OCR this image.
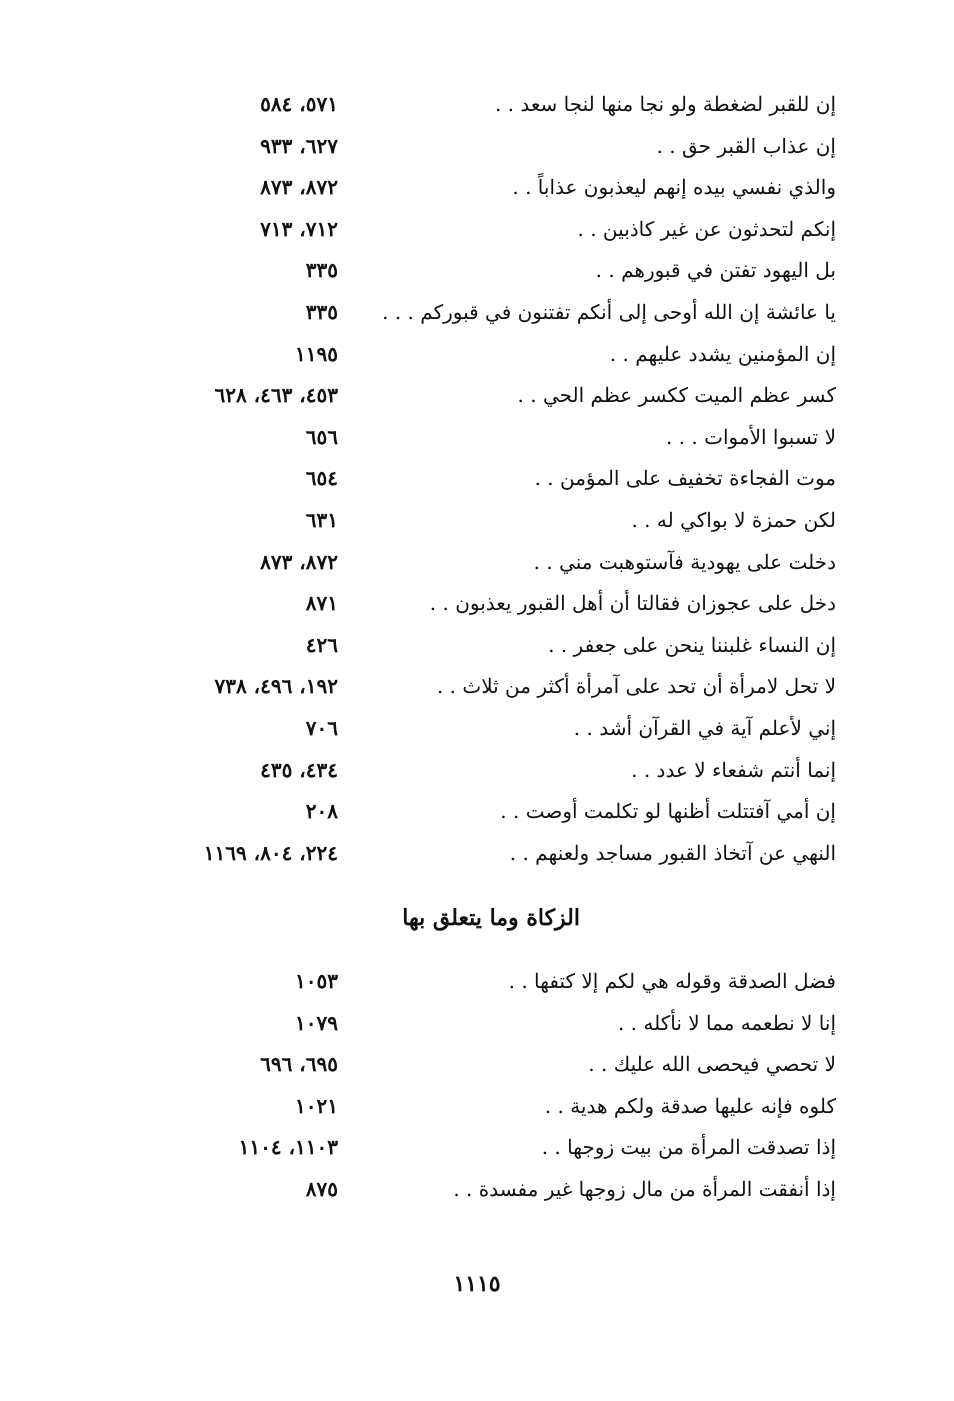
إن للقبر لضغطة ولو نجا منها لنجا سعد . .
٥٧١، ٥٨٤
إن عذاب القبر حق . .
٦٢٧، ٩٣٣
والذي نفسي بيده إنهم ليعذبون عذاباً . .
٨٧٢، ٨٧٣
إنكم لتحدثون عن غير كاذبين . .
٧١٢، ٧١٣
بل اليهود تفتن في قبورهم . .
٣٣٥
يا عائشة إن الله أوحى إلى أنكم تفتنون في قبوركم . . .
٣٣٥
إن المؤمنين يشدد عليهم . .
١١٩٥
كسر عظم الميت ككسر عظم الحي . .
٤٥٣، ٤٦٣، ٦٢٨
لا تسبوا الأموات . . .
٦٥٦
موت الفجاءة تخفيف على المؤمن . .
٦٥٤
لكن حمزة لا بواكي له . .
٦٣١
دخلت على يهودية فآستوهبت مني . .
٨٧٢، ٨٧٣
دخل على عجوزان فقالتا أن أهل القبور يعذبون . .
٨٧١
إن النساء غلبننا ينحن على جعفر . .
٤٢٦
لا تحل لامرأة أن تحد على آمرأة أكثر من ثلاث . .
١٩٢، ٤٩٦، ٧٣٨
إني لأعلم آية في القرآن أشد . .
٧٠٦
إنما أنتم شفعاء لا عدد . .
٤٣٤، ٤٣٥
إن أمي آفتتلت أظنها لو تكلمت أوصت . .
٢٠٨
النهي عن آتخاذ القبور مساجد ولعنهم . .
٢٢٤، ٨٠٤، ١١٦٩
الزكاة وما يتعلق بها
فضل الصدقة وقوله هي لكم إلا كتفها . .
١٠٥٣
إنا لا نطعمه مما لا نأكله . .
١٠٧٩
لا تحصي فيحصى الله عليك . .
٦٩٥، ٦٩٦
كلوه فإنه عليها صدقة ولكم هدية . .
١٠٢١
إذا تصدقت المرأة من بيت زوجها . .
١١٠٣، ١١٠٤
إذا أنفقت المرأة من مال زوجها غير مفسدة . .
٨٧٥
١١١٥
